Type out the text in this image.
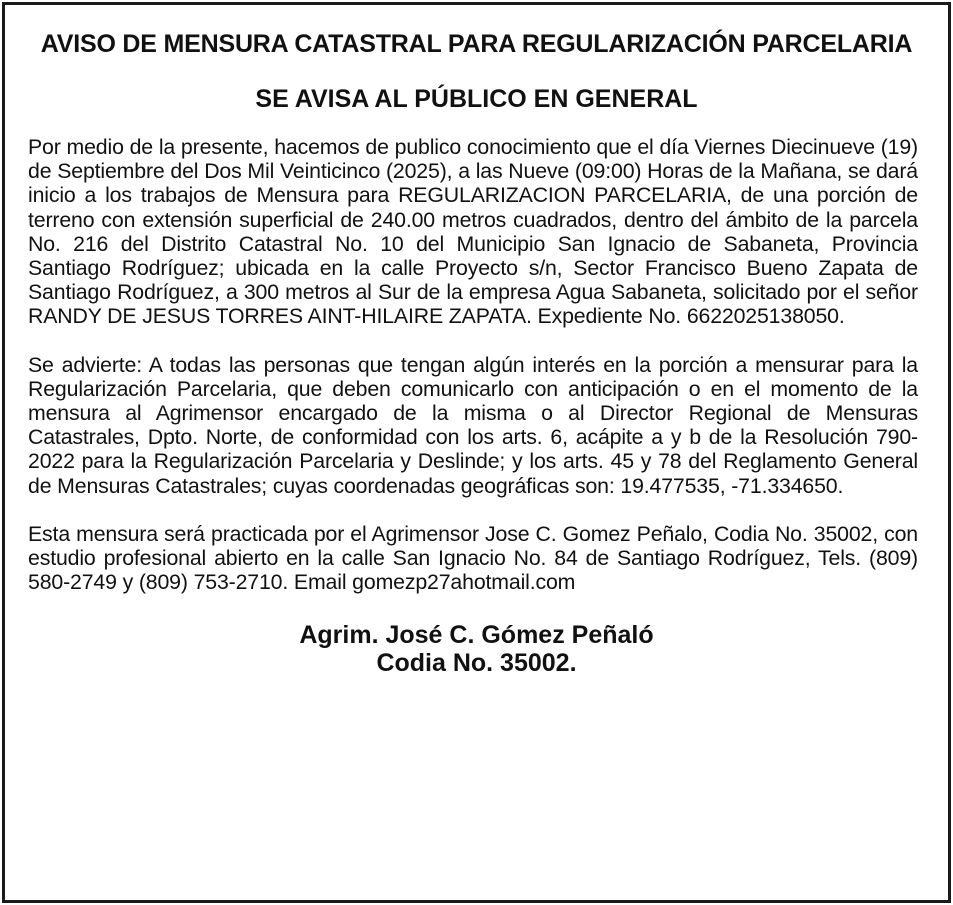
AVISO DE MENSURA CATASTRAL PARA REGULARIZACIÓN PARCELARIA
SE AVISA AL PÚBLICO EN GENERAL

Por medio de la presente, hacemos de publico conocimiento que el día Viernes Diecinueve (19) de Septiembre del Dos Mil Veinticinco (2025), a las Nueve (09:00) Horas de la Mañana, se dará inicio a los trabajos de Mensura para REGULARIZACION PARCELARIA, de una porción de terreno con extensión superficial de 240.00 metros cuadrados, dentro del ámbito de la parcela No. 216 del Distrito Catastral No. 10 del Municipio San Ignacio de Sabaneta, Provincia Santiago Rodríguez; ubicada en la calle Proyecto s/n, Sector Francisco Bueno Zapata de Santiago Rodríguez, a 300 metros al Sur de la empresa Agua Sabaneta, solicitado por el señor RANDY DE JESUS TORRES AINT-HILAIRE ZAPATA. Expediente No. 6622025138050.

Se advierte: A todas las personas que tengan algún interés en la porción a mensurar para la Regularización Parcelaria, que deben comunicarlo con anticipación o en el momento de la mensura al Agrimensor encargado de la misma o al Director Regional de Mensuras Catastrales, Dpto. Norte, de conformidad con los arts. 6, acápite a y b de la Resolución 790-2022 para la Regularización Parcelaria y Deslinde; y los arts. 45 y 78 del Reglamento General de Mensuras Catastrales; cuyas coordenadas geográficas son: 19.477535, -71.334650.

Esta mensura será practicada por el Agrimensor Jose C. Gomez Peñalo, Codia No. 35002, con estudio profesional abierto en la calle San Ignacio No. 84 de Santiago Rodríguez, Tels. (809) 580-2749 y (809) 753-2710. Email gomezp27ahotmail.com

Agrim. José C. Gómez Peñaló
Codia No. 35002.
